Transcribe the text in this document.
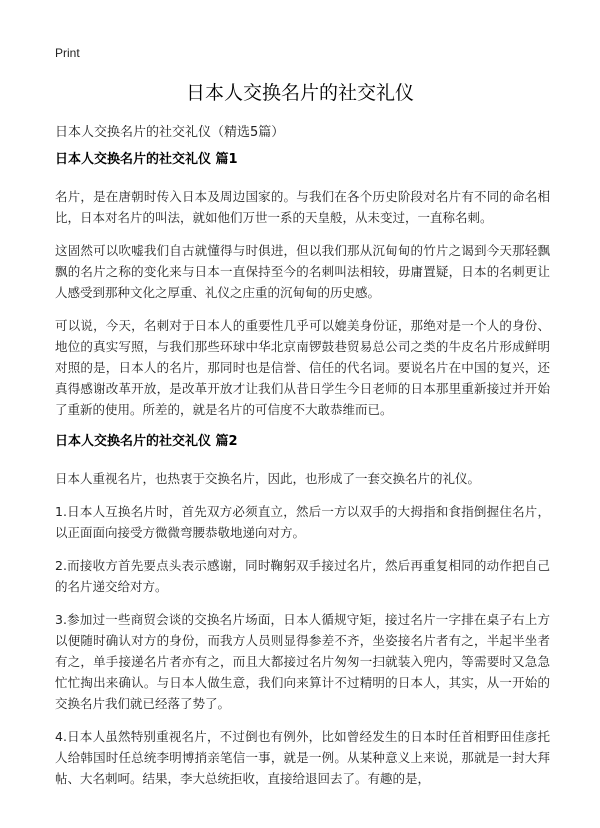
Print
日本人交换名片的社交礼仪
日本人交换名片的社交礼仪（精选5篇）
日本人交换名片的社交礼仪 篇1

名片，是在唐朝时传入日本及周边国家的。与我们在各个历史阶段对名片有不同的命名相比，日本对名片的叫法，就如他们万世一系的天皇般，从未变过，一直称名刺。

这固然可以吹嘘我们自古就懂得与时俱进，但以我们那从沉甸甸的竹片之谒到今天那轻飘飘的名片之称的变化来与日本一直保持至今的名刺叫法相较，毋庸置疑，日本的名刺更让人感受到那种文化之厚重、礼仪之庄重的沉甸甸的历史感。

可以说，今天，名刺对于日本人的重要性几乎可以媲美身份证，那绝对是一个人的身份、地位的真实写照，与我们那些环球中华北京南锣鼓巷贸易总公司之类的牛皮名片形成鲜明对照的是，日本人的名片，那同时也是信誉、信任的代名词。要说名片在中国的复兴，还真得感谢改革开放，是改革开放才让我们从昔日学生今日老师的日本那里重新接过并开始了重新的使用。所差的，就是名片的可信度不大敢恭维而已。

日本人交换名片的社交礼仪 篇2

日本人重视名片，也热衷于交换名片，因此，也形成了一套交换名片的礼仪。

1.日本人互换名片时，首先双方必须直立，然后一方以双手的大拇指和食指倒握住名片，以正面面向接受方微微弯腰恭敬地递向对方。

2.而接收方首先要点头表示感谢，同时鞠躬双手接过名片，然后再重复相同的动作把自己的名片递交给对方。

3.参加过一些商贸会谈的交换名片场面，日本人循规守矩，接过名片一字排在桌子右上方以便随时确认对方的身份，而我方人员则显得参差不齐，坐姿接名片者有之，半起半坐者有之，单手接递名片者亦有之，而且大都接过名片匆匆一扫就装入兜内，等需要时又急急忙忙掏出来确认。与日本人做生意，我们向来算计不过精明的日本人，其实，从一开始的交换名片我们就已经落了势了。

4.日本人虽然特别重视名片，不过倒也有例外，比如曾经发生的日本时任首相野田佳彦托人给韩国时任总统李明博捎亲笔信一事，就是一例。从某种意义上来说，那就是一封大拜帖、大名刺呵。结果，李大总统拒收，直接给退回去了。有趣的是，
